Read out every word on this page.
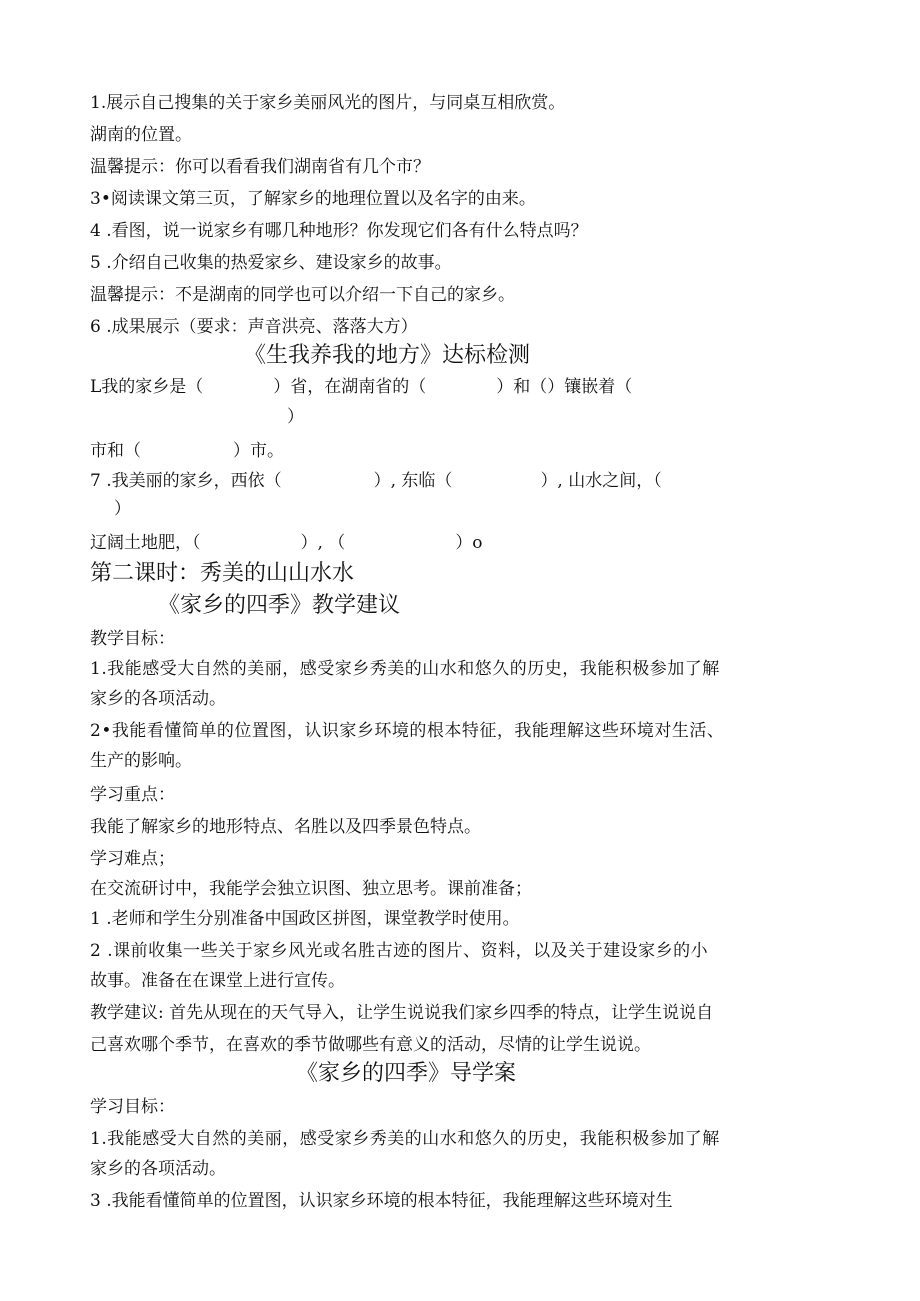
1.展示自己搜集的关于家乡美丽风光的图片，与同桌互相欣赏。
湖南的位置。
温馨提示：你可以看看我们湖南省有几个市？
3•阅读课文第三页，了解家乡的地理位置以及名字的由来。
4 .看图，说一说家乡有哪几种地形？你发现它们各有什么特点吗？
5 .介绍自己收集的热爱家乡、建设家乡的故事。
温馨提示：不是湖南的同学也可以介绍一下自己的家乡。
6 .成果展示（要求：声音洪亮、落落大方）
《生我养我的地方》达标检测
L我的家乡是（	）省，在湖南省的（	）和（）镶嵌着（
）
市和（	）市。
7 .我美丽的家乡，西依（	）, 东临（	）, 山水之间，（
）
辽阔土地肥，（	）, （	）o
第二课时：秀美的山山水水
《家乡的四季》教学建议
教学目标：
1.我能感受大自然的美丽，感受家乡秀美的山水和悠久的历史，我能积极参加了解
家乡的各项活动。
2•我能看懂简单的位置图，认识家乡环境的根本特征，我能理解这些环境对生活、
生产的影响。
学习重点：
我能了解家乡的地形特点、名胜以及四季景色特点。
学习难点；
在交流研讨中，我能学会独立识图、独立思考。课前准备；
1 .老师和学生分别准备中国政区拼图，课堂教学时使用。
2 .课前收集一些关于家乡风光或名胜古迹的图片、资料，以及关于建设家乡的小
故事。准备在在课堂上进行宣传。
教学建议: 首先从现在的天气导入，让学生说说我们家乡四季的特点，让学生说说自
己喜欢哪个季节，在喜欢的季节做哪些有意义的活动，尽情的让学生说说。
《家乡的四季》导学案
学习目标：
1.我能感受大自然的美丽，感受家乡秀美的山水和悠久的历史，我能积极参加了解
家乡的各项活动。
3 .我能看懂简单的位置图，认识家乡环境的根本特征，我能理解这些环境对生
